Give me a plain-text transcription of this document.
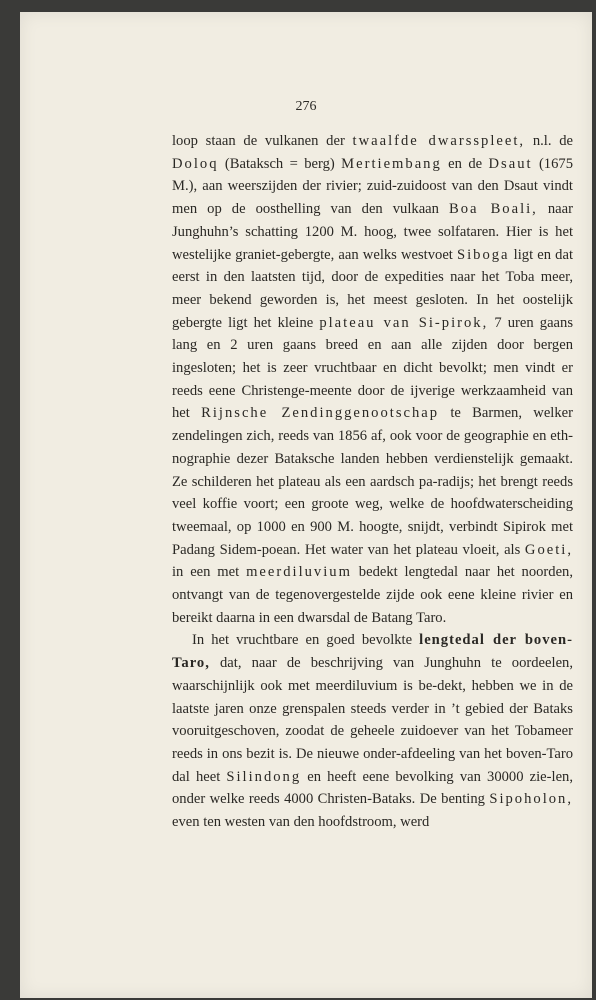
276

loop staan de vulkanen der twaalfde dwarsspleet, n.l. de Doloq (Bataksch = berg) Mertiembang en de Dsaut (1675 M.), aan weerszijden der rivier; zuid-zuidoost van den Dsaut vindt men op de oosthelling van den vulkaan Boa Boali, naar Junghuhn’s schatting 1200 M. hoog, twee solfataren. Hier is het westelijke graniet-gebergte, aan welks westvoet Siboga ligt en dat eerst in den laatsten tijd, door de expedities naar het Toba meer, meer bekend geworden is, het meest gesloten. In het oostelijk gebergte ligt het kleine plateau van Si-pirok, 7 uren gaans lang en 2 uren gaans breed en aan alle zijden door bergen ingesloten; het is zeer vruchtbaar en dicht bevolkt; men vindt er reeds eene Christenge-meente door de ijverige werkzaamheid van het Rijnsche Zendinggenootschap te Barmen, welker zendelingen zich, reeds van 1856 af, ook voor de geographie en eth-nographie dezer Bataksche landen hebben verdienstelijk gemaakt. Ze schilderen het plateau als een aardsch pa-radijs; het brengt reeds veel koffie voort; een groote weg, welke de hoofdwaterscheiding tweemaal, op 1000 en 900 M. hoogte, snijdt, verbindt Sipirok met Padang Sidem-poean. Het water van het plateau vloeit, als Goeti, in een met meerdiluvium bedekt lengtedal naar het noorden, ontvangt van de tegenovergestelde zijde ook eene kleine rivier en bereikt daarna in een dwarsdal de Batang Taro.

In het vruchtbare en goed bevolkte lengtedal der boven-Taro, dat, naar de beschrijving van Junghuhn te oordeelen, waarschijnlijk ook met meerdiluvium is be-dekt, hebben we in de laatste jaren onze grenspalen steeds verder in ’t gebied der Bataks vooruitgeschoven, zoodat de geheele zuidoever van het Tobameer reeds in ons bezit is. De nieuwe onder-afdeeling van het boven-Taro dal heet Silindong en heeft eene bevolking van 30000 zie-len, onder welke reeds 4000 Christen-Bataks. De benting Sipoholon, even ten westen van den hoofdstroom, werd
